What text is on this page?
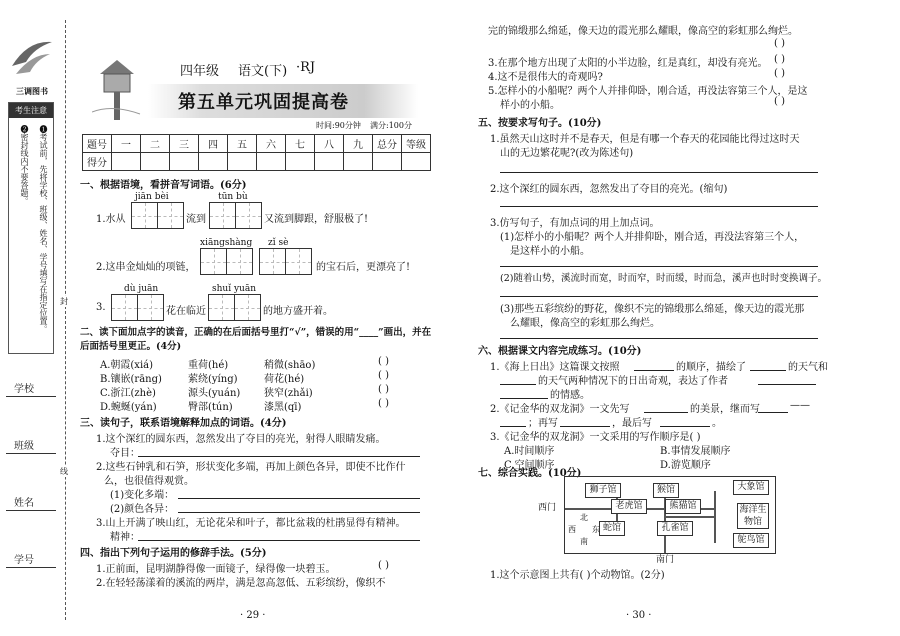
三调图书
考生注意
❶考试前，先将学校、班级、姓名、学号填写在指定位置。
❷密封线内不要答题。
学校
班级
姓名
学号
封
线
四年级 语文(下) ·RJ
第五单元巩固提高卷
时间:90分钟 满分:100分
题号	一	二	三	四	五	六	七	八	九	总分	等级
得分											
一、根据语境，看拼音写词语。(6分)
jiān bèi	tūn bù
1.水从	流到	又流到脚跟，舒服极了!
xiāngshàng zǐ sè
2.这串金灿灿的项链，	的宝石后，更漂亮了!
dù juān	shuǐ yuān
3.	花在临近	的地方盛开着。
二、读下面加点字的读音，正确的在后面括号里打“√”，错误的用“____”画出，并在后面括号里更正。(4分)
A.朝霞(xiá)	重荷(hé)	稍微(shāo)	( )
B.镶嵌(rāng)	萦绕(yíng)	荷花(hé)	( )
C.浙江(zhè)	源头(yuán) 狭窄(zhǎi)	( )
D.蜿蜒(yán)	臀部(tún)	漆黑(qī)	( )
三、读句子，联系语境解释加点的词语。(4分)
1.这个深红的圆东西，忽然发出了夺目的亮光，射得人眼睛发痛。
夺目：
2.这些石钟乳和石笋，形状变化多端，再加上颜色各异，即使不比作什
么，也很值得观赏。
(1)变化多端：
(2)颜色各异：
3.山上开满了映山红，无论花朵和叶子，都比盆栽的杜鹃显得有精神。
精神：
四、指出下列句子运用的修辞手法。(5分)
1.正前面，昆明湖静得像一面镜子，绿得像一块碧玉。	( )
2.在轻轻荡漾着的溪流的两岸，满是忽高忽低、五彩缤纷，像织不
· 29 ·
完的锦缎那么绵延，像天边的霞光那么耀眼，像高空的彩虹那么绚烂。
( )
3.在那个地方出现了太阳的小半边脸，红是真红，却没有亮光。 ( )
4.这不是很伟大的奇观吗?	( )
5.怎样小的小船呢？两个人并排仰卧，刚合适，再没法容第三个人，是这
样小的小船。	( )
五、按要求写句子。(10分)
1.虽然天山这时并不是春天，但是有哪一个春天的花园能比得过这时天
山的无边繁花呢?(改为陈述句)
2.这个深红的圆东西，忽然发出了夺目的亮光。(缩句)
3.仿写句子，有加点词的用上加点词。
(1)怎样小的小船呢？两个人并排仰卧，刚合适，再没法容第三个人，
是这样小的小船。
(2)随着山势，溪流时而宽，时而窄，时而缓，时而急，溪声也时时变换调子。
(3)那些五彩缤纷的野花，像织不完的锦缎那么绵延，像天边的霞光那
么耀眼，像高空的彩虹那么绚烂。
六、根据课文内容完成练习。(10分)
1.《海上日出》这篇课文按照	的顺序，描绘了	的天气和
的天气两种情况下的日出奇观，表达了作者
的情感。
2.《记金华的双龙洞》一文先写	的美景，继而写	——
；再写	，最后写	。
3.《记金华的双龙洞》一文采用的写作顺序是( )
A.时间顺序	B.事情发展顺序
C.空间顺序	D.游览顺序
七、综合实践。(10分)
狮子馆	猴馆	大象馆
老虎馆	熊猫馆	海洋生物馆
蛇馆	孔雀馆
鸵鸟馆
西门
南门
北
西 东
南
1.这个示意图上共有( )个动物馆。(2分)
· 30 ·
